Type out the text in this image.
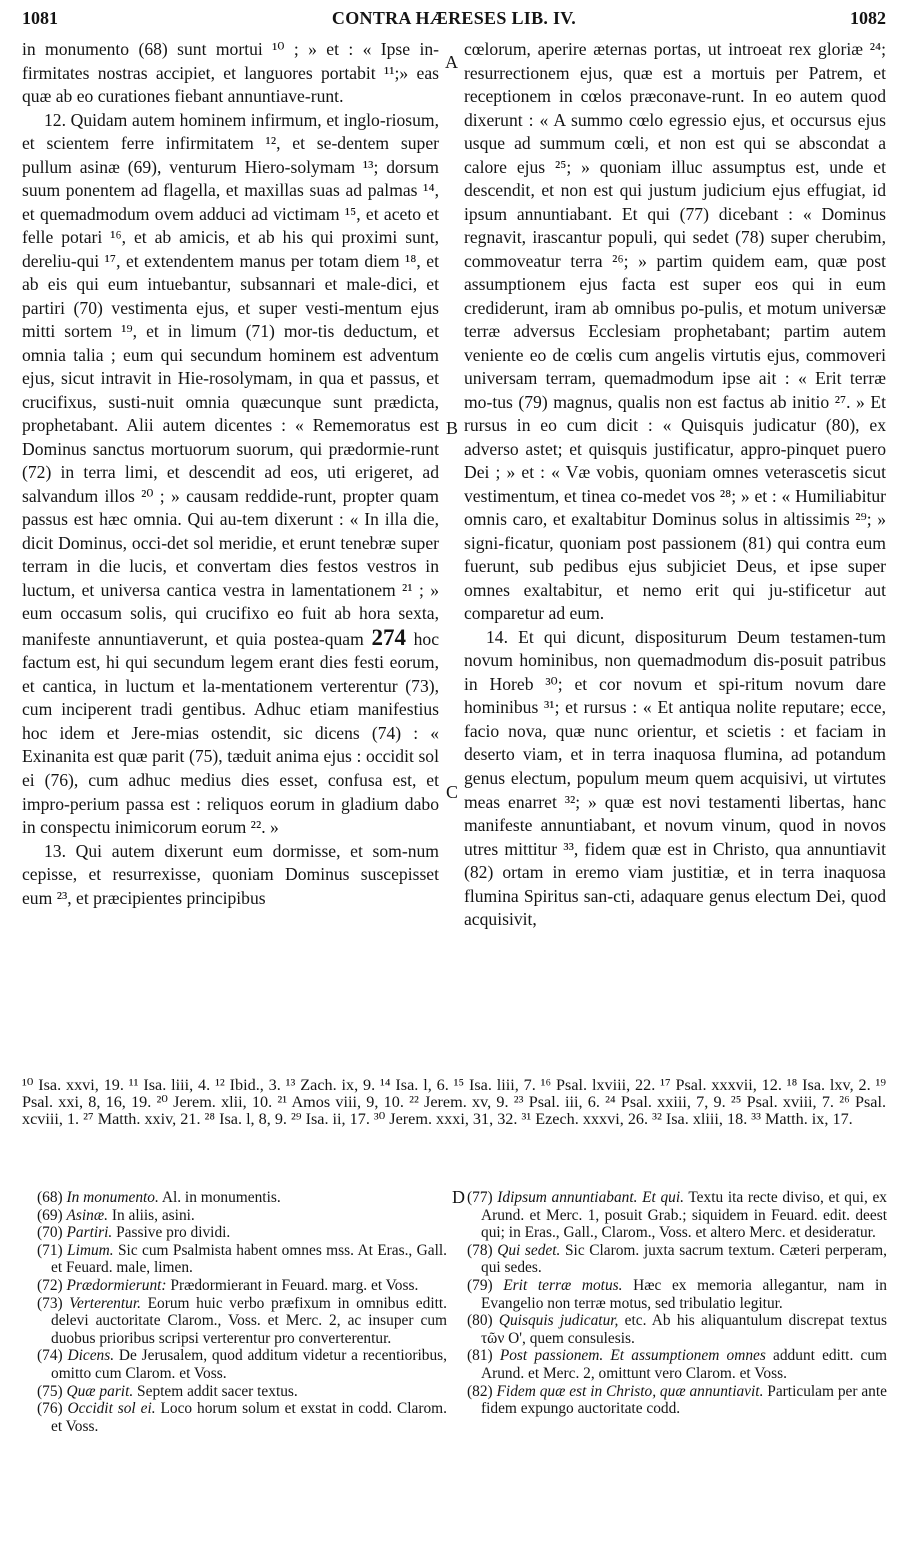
1081	CONTRA HÆRESES LIB. IV.	1082

in monumento (68) sunt mortui ¹⁰ ; » et : « Ipse in-firmitates nostras accipiet, et languores portabit ¹¹;» eas quæ ab eo curationes fiebant annuntiave-runt.

12. Quidam autem hominem infirmum, et inglo-riosum, et scientem ferre infirmitatem ¹², et se-dentem super pullum asinæ (69), venturum Hiero-solymam ¹³; dorsum suum ponentem ad flagella, et maxillas suas ad palmas ¹⁴, et quemadmodum ovem adduci ad victimam ¹⁵, et aceto et felle potari ¹⁶, et ab amicis, et ab his qui proximi sunt, dereliu-qui ¹⁷, et extendentem manus per totam diem ¹⁸, et ab eis qui eum intuebantur, subsannari et male-dici, et partiri (70) vestimenta ejus, et super vesti-mentum ejus mitti sortem ¹⁹, et in limum (71) mor-tis deductum, et omnia talia ; eum qui secundum hominem est adventum ejus, sicut intravit in Hie-rosolymam, in qua et passus, et crucifixus, susti-nuit omnia quæcunque sunt prædicta, prophetabant. Alii autem dicentes : « Rememoratus est Dominus sanctus mortuorum suorum, qui prædormie-runt (72) in terra limi, et descendit ad eos, uti erigeret, ad salvandum illos ²⁰ ; » causam reddide-runt, propter quam passus est hæc omnia. Qui au-tem dixerunt : « In illa die, dicit Dominus, occi-det sol meridie, et erunt tenebræ super terram in die lucis, et convertam dies festos vestros in luctum, et universa cantica vestra in lamentationem ²¹ ; » eum occasum solis, qui crucifixo eo fuit ab hora sexta, manifeste annuntiaverunt, et quia postea-quam 274 hoc factum est, hi qui secundum legem erant dies festi eorum, et cantica, in luctum et la-mentationem verterentur (73), cum inciperent tradi gentibus. Adhuc etiam manifestius hoc idem et Jere-mias ostendit, sic dicens (74) : « Exinanita est quæ parit (75), tæduit anima ejus : occidit sol ei (76), cum adhuc medius dies esset, confusa est, et impro-perium passa est : reliquos eorum in gladium dabo in conspectu inimicorum eorum ²². »

13. Qui autem dixerunt eum dormisse, et som-num cepisse, et resurrexisse, quoniam Dominus suscepisset eum ²³, et præcipientes principibus

A
B
C
D

cœlorum, aperire æternas portas, ut introeat rex gloriæ ²⁴; resurrectionem ejus, quæ est a mortuis per Patrem, et receptionem in cœlos præconave-runt. In eo autem quod dixerunt : « A summo cœlo egressio ejus, et occursus ejus usque ad summum cœli, et non est qui se abscondat a calore ejus ²⁵; » quoniam illuc assumptus est, unde et descendit, et non est qui justum judicium ejus effugiat, id ipsum annuntiabant. Et qui (77) dicebant : « Dominus regnavit, irascantur populi, qui sedet (78) super cherubim, commoveatur terra ²⁶; » partim quidem eam, quæ post assumptionem ejus facta est super eos qui in eum crediderunt, iram ab omnibus po-pulis, et motum universæ terræ adversus Ecclesiam prophetabant; partim autem veniente eo de cœlis cum angelis virtutis ejus, commoveri universam terram, quemadmodum ipse ait : « Erit terræ mo-tus (79) magnus, qualis non est factus ab initio ²⁷. » Et rursus in eo cum dicit : « Quisquis judicatur (80), ex adverso astet; et quisquis justificatur, appro-pinquet puero Dei ; » et : « Væ vobis, quoniam omnes veterascetis sicut vestimentum, et tinea co-medet vos ²⁸; » et : « Humiliabitur omnis caro, et exaltabitur Dominus solus in altissimis ²⁹; » signi-ficatur, quoniam post passionem (81) qui contra eum fuerunt, sub pedibus ejus subjiciet Deus, et ipse super omnes exaltabitur, et nemo erit qui ju-stificetur aut comparetur ad eum.

14. Et qui dicunt, dispositurum Deum testamen-tum novum hominibus, non quemadmodum dis-posuit patribus in Horeb ³⁰; et cor novum et spi-ritum novum dare hominibus ³¹; et rursus : « Et antiqua nolite reputare; ecce, facio nova, quæ nunc orientur, et scietis : et faciam in deserto viam, et in terra inaquosa flumina, ad potandum genus electum, populum meum quem acquisivi, ut virtutes meas enarret ³²; » quæ est novi testamenti libertas, hanc manifeste annuntiabant, et novum vinum, quod in novos utres mittitur ³³, fidem quæ est in Christo, qua annuntiavit (82) ortam in eremo viam justitiæ, et in terra inaquosa flumina Spiritus san-cti, adaquare genus electum Dei, quod acquisivit,

¹⁰ Isa. xxvi, 19. ¹¹ Isa. liii, 4. ¹² Ibid., 3. ¹³ Zach. ix, 9. ¹⁴ Isa. l, 6. ¹⁵ Isa. liii, 7. ¹⁶ Psal. lxviii, 22. ¹⁷ Psal. xxxvii, 12. ¹⁸ Isa. lxv, 2. ¹⁹ Psal. xxi, 8, 16, 19. ²⁰ Jerem. xlii, 10. ²¹ Amos viii, 9, 10. ²² Jerem. xv, 9. ²³ Psal. iii, 6. ²⁴ Psal. xxiii, 7, 9. ²⁵ Psal. xviii, 7. ²⁶ Psal. xcviii, 1. ²⁷ Matth. xxiv, 21. ²⁸ Isa. l, 8, 9. ²⁹ Isa. ii, 17. ³⁰ Jerem. xxxi, 31, 32. ³¹ Ezech. xxxvi, 26. ³² Isa. xliii, 18. ³³ Matth. ix, 17.

(68) In monumento. Al. in monumentis.

(69) Asinæ. In aliis, asini.

(70) Partiri. Passive pro dividi.

(71) Limum. Sic cum Psalmista habent omnes mss. At Eras., Gall. et Feuard. male, limen.

(72) Prædormierunt: Prædormierant in Feuard. marg. et Voss.

(73) Verterentur. Eorum huic verbo præfixum in omnibus editt. delevi auctoritate Clarom., Voss. et Merc. 2, ac insuper cum duobus prioribus scripsi verterentur pro converterentur.

(74) Dicens. De Jerusalem, quod additum videtur a recentioribus, omitto cum Clarom. et Voss.

(75) Quæ parit. Septem addit sacer textus.

(76) Occidit sol ei. Loco horum solum et exstat in codd. Clarom. et Voss.

(77) Idipsum annuntiabant. Et qui. Textu ita recte diviso, et qui, ex Arund. et Merc. 1, posuit Grab.; siquidem in Feuard. edit. deest qui; in Eras., Gall., Clarom., Voss. et altero Merc. et desideratur.

(78) Qui sedet. Sic Clarom. juxta sacrum textum. Cæteri perperam, qui sedes.

(79) Erit terræ motus. Hæc ex memoria allegantur, nam in Evangelio non terræ motus, sed tribulatio legitur.

(80) Quisquis judicatur, etc. Ab his aliquantulum discrepat textus τῶν Ο', quem consulesis.

(81) Post passionem. Et assumptionem omnes addunt editt. cum Arund. et Merc. 2, omittunt vero Clarom. et Voss.

(82) Fidem quæ est in Christo, quæ annuntiavit. Particulam per ante fidem expungo auctoritate codd.
